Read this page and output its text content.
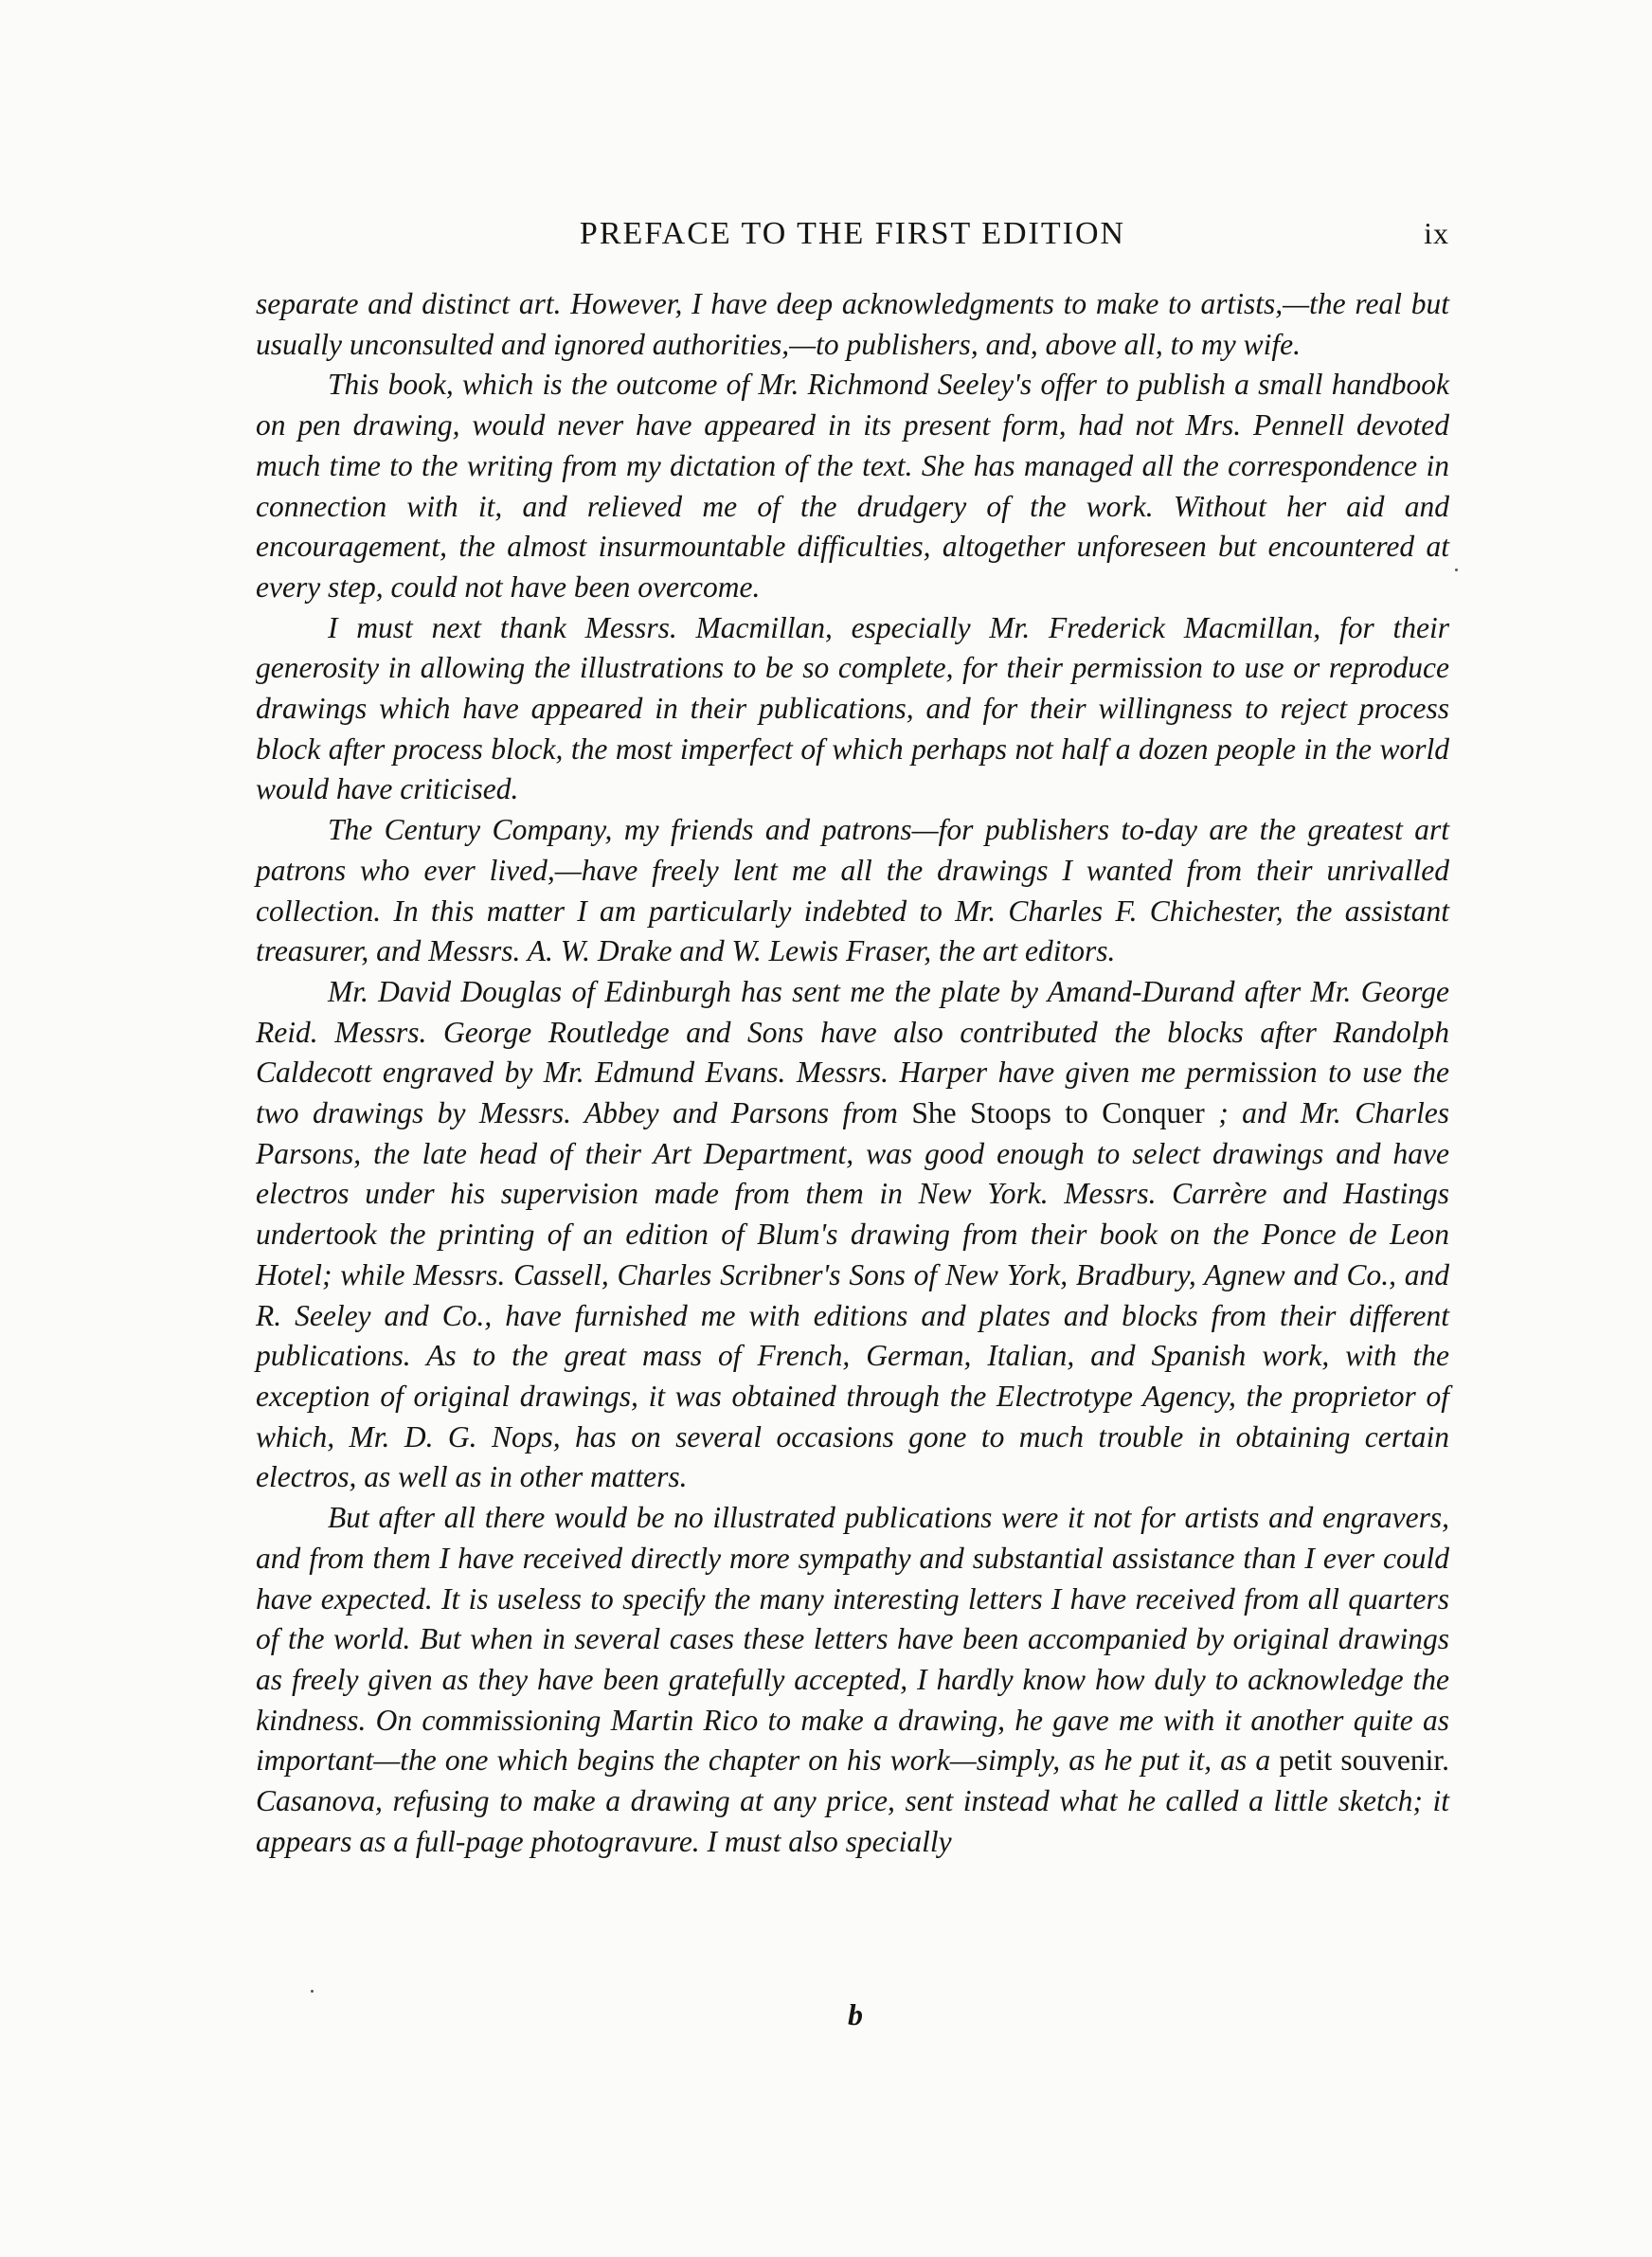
PREFACE TO THE FIRST EDITION	ix

separate and distinct art. However, I have deep acknowledgments to make to artists,—the real but usually unconsulted and ignored authorities,—to publishers, and, above all, to my wife.

This book, which is the outcome of Mr. Richmond Seeley's offer to publish a small handbook on pen drawing, would never have appeared in its present form, had not Mrs. Pennell devoted much time to the writing from my dictation of the text. She has managed all the correspondence in connection with it, and relieved me of the drudgery of the work. Without her aid and encouragement, the almost insurmountable difficulties, altogether unforeseen but encountered at every step, could not have been overcome.

I must next thank Messrs. Macmillan, especially Mr. Frederick Macmillan, for their generosity in allowing the illustrations to be so complete, for their permission to use or reproduce drawings which have appeared in their publications, and for their willingness to reject process block after process block, the most imperfect of which perhaps not half a dozen people in the world would have criticised.

The Century Company, my friends and patrons—for publishers to-day are the greatest art patrons who ever lived,—have freely lent me all the drawings I wanted from their unrivalled collection. In this matter I am particularly indebted to Mr. Charles F. Chichester, the assistant treasurer, and Messrs. A. W. Drake and W. Lewis Fraser, the art editors.

Mr. David Douglas of Edinburgh has sent me the plate by Amand-Durand after Mr. George Reid. Messrs. George Routledge and Sons have also contributed the blocks after Randolph Caldecott engraved by Mr. Edmund Evans. Messrs. Harper have given me permission to use the two drawings by Messrs. Abbey and Parsons from She Stoops to Conquer ; and Mr. Charles Parsons, the late head of their Art Department, was good enough to select drawings and have electros under his supervision made from them in New York. Messrs. Carrère and Hastings undertook the printing of an edition of Blum's drawing from their book on the Ponce de Leon Hotel; while Messrs. Cassell, Charles Scribner's Sons of New York, Bradbury, Agnew and Co., and R. Seeley and Co., have furnished me with editions and plates and blocks from their different publications. As to the great mass of French, German, Italian, and Spanish work, with the exception of original drawings, it was obtained through the Electrotype Agency, the proprietor of which, Mr. D. G. Nops, has on several occasions gone to much trouble in obtaining certain electros, as well as in other matters.

But after all there would be no illustrated publications were it not for artists and engravers, and from them I have received directly more sympathy and substantial assistance than I ever could have expected. It is useless to specify the many interesting letters I have received from all quarters of the world. But when in several cases these letters have been accompanied by original drawings as freely given as they have been gratefully accepted, I hardly know how duly to acknowledge the kindness. On commissioning Martin Rico to make a drawing, he gave me with it another quite as important—the one which begins the chapter on his work—simply, as he put it, as a petit souvenir. Casanova, refusing to make a drawing at any price, sent instead what he called a little sketch; it appears as a full-page photogravure. I must also specially

b
